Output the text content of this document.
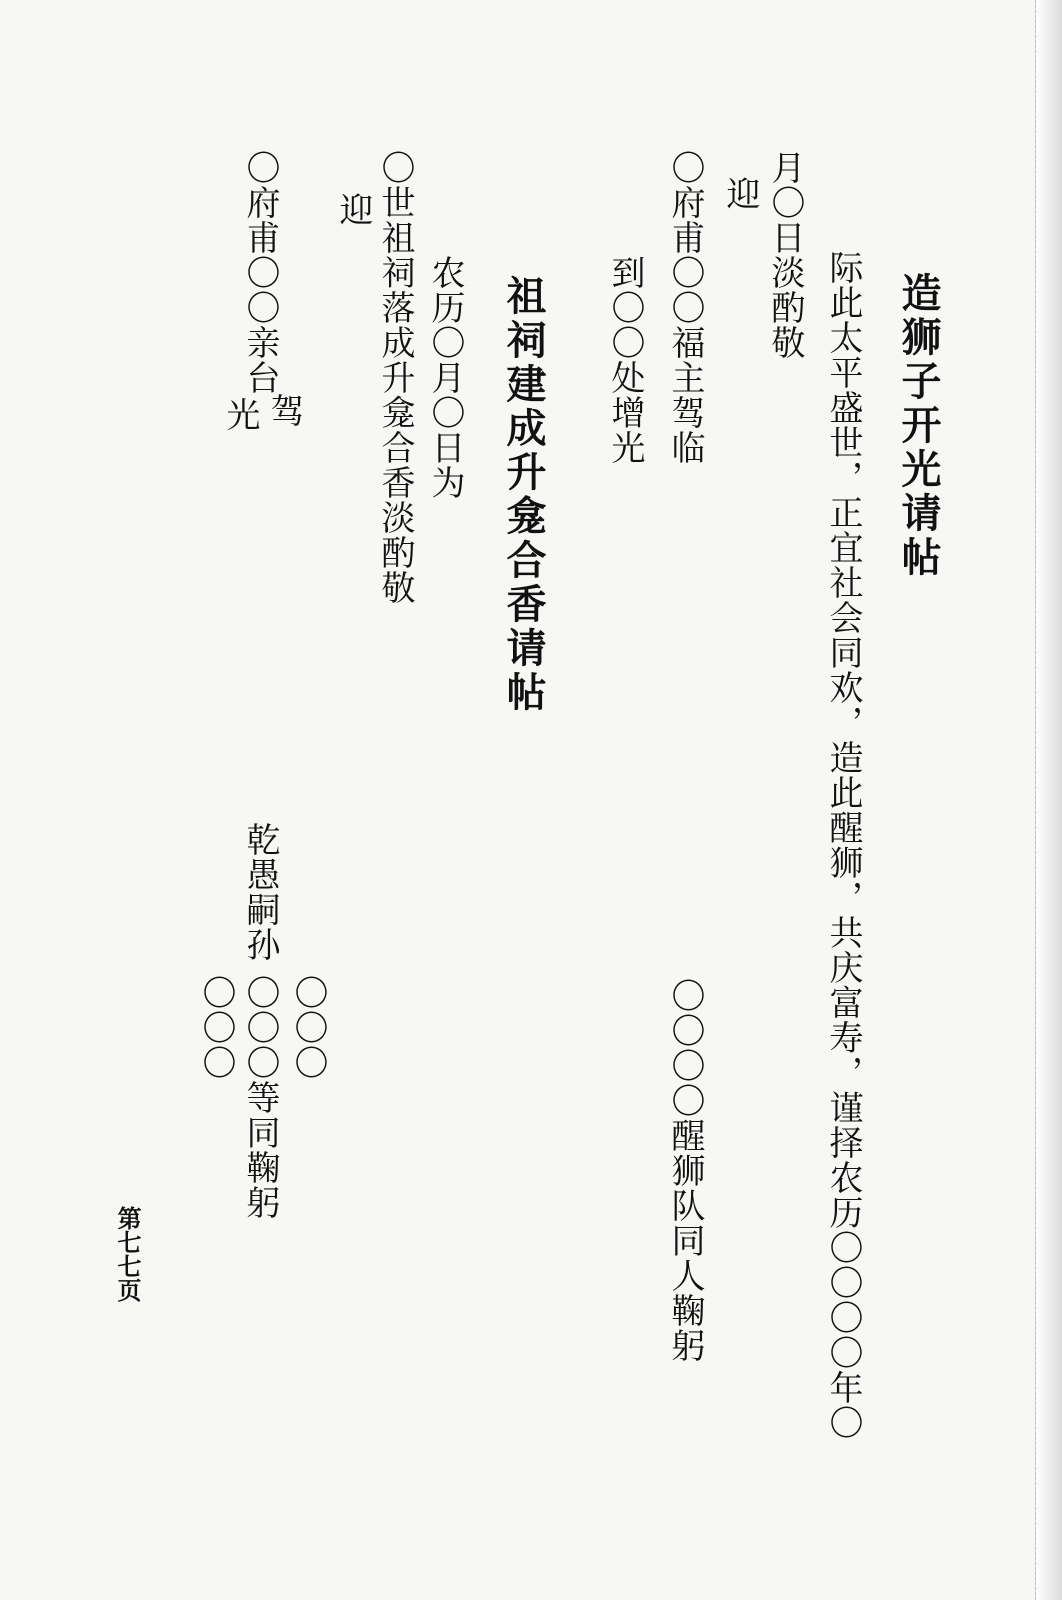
造狮子开光请帖
际此太平盛世，正宜社会同欢，造此醒狮，共庆富寿，谨择农历〇〇〇〇年〇
月〇日淡酌敬
迎
〇府甫〇〇福主驾临
到〇〇处增光
〇〇〇〇醒狮队同人鞠躬
祖祠建成升龛合香请帖
农历〇月〇日为
〇世祖祠落成升龛合香淡酌敬
迎
〇府甫〇〇亲台
驾
光
乾愚嗣孙
〇〇〇等同鞠躬 〇〇〇
〇〇〇
第七七页
